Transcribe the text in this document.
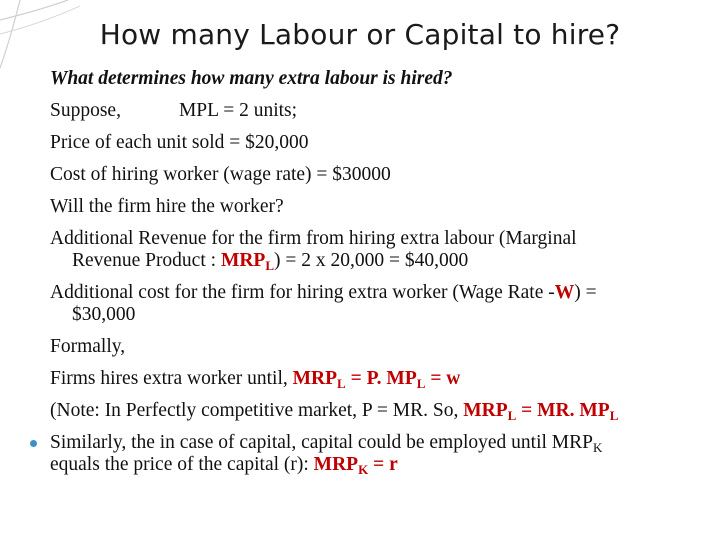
How many Labour or Capital to hire?
What determines how many extra labour is hired?
Suppose,	MPL = 2 units;
Price of each unit sold = $20,000
Cost of hiring worker (wage rate) = $30000
Will the firm hire the worker?
Additional Revenue for the firm from hiring extra labour (Marginal
Revenue Product : $MRP_L) = 2$ x 20,000 = $40,000
Additional cost for the firm for hiring extra worker (Wage Rate -W) =
$30,000
Formally,
Firms hires extra worker until, $MRP_L = P$. $MP_L = w$
(Note: In Perfectly competitive market, P = MR. So, $MRP_L$ = MR. $MP_L$
Similarly, the in case of capital, capital could be employed until $MRP_K$
equals the price of the capital (r): $MRP_K = r$
